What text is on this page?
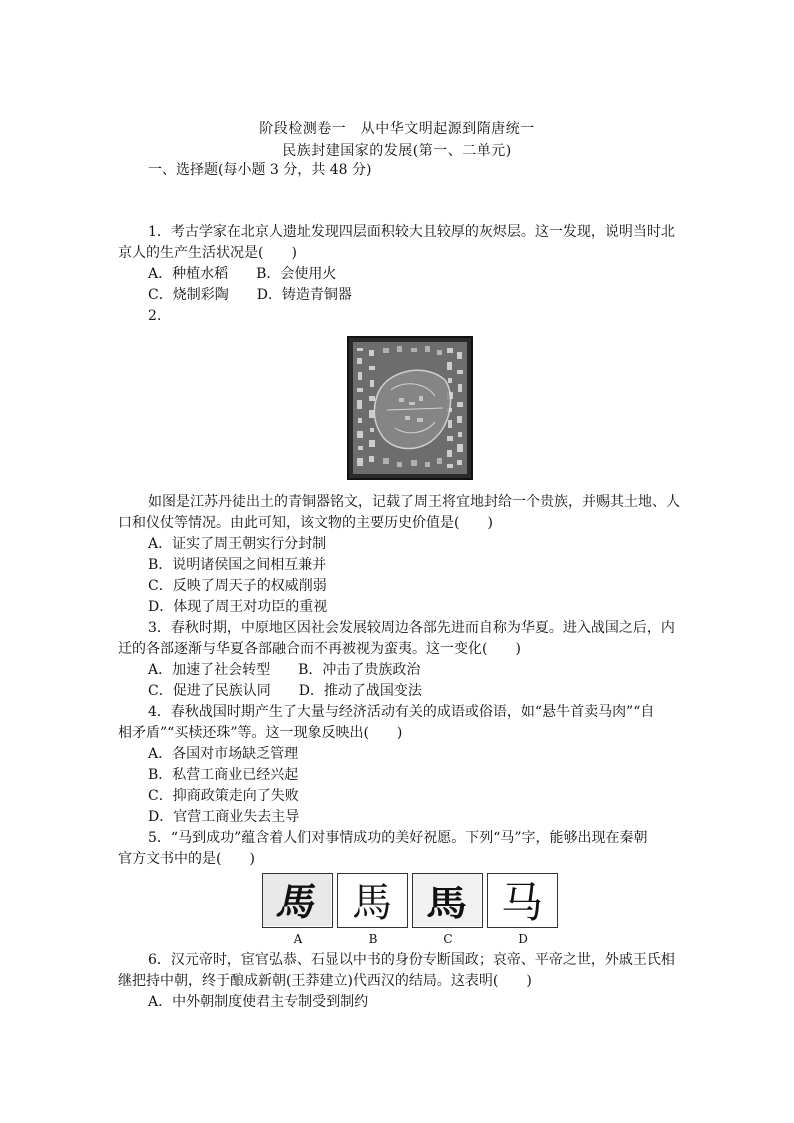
阶段检测卷一　从中华文明起源到隋唐统一
民族封建国家的发展(第一、二单元)
一、选择题(每小题 3 分，共 48 分)
1．考古学家在北京人遗址发现四层面积较大且较厚的灰烬层。这一发现，说明当时北
京人的生产生活状况是(　　)
A．种植水稻　　B．会使用火
C．烧制彩陶　　D．铸造青铜器
2.
如图是江苏丹徒出土的青铜器铭文，记载了周王将宜地封给一个贵族，并赐其土地、人
口和仪仗等情况。由此可知，该文物的主要历史价值是(　　)
A．证实了周王朝实行分封制
B．说明诸侯国之间相互兼并
C．反映了周天子的权威削弱
D．体现了周王对功臣的重视
3．春秋时期，中原地区因社会发展较周边各部先进而自称为华夏。进入战国之后，内
迁的各部逐渐与华夏各部融合而不再被视为蛮夷。这一变化(　　)
A．加速了社会转型　　B．冲击了贵族政治
C．促进了民族认同　　D．推动了战国变法
4．春秋战国时期产生了大量与经济活动有关的成语或俗语，如“悬牛首卖马肉”“自
相矛盾”“买椟还珠”等。这一现象反映出(　　)
A．各国对市场缺乏管理
B．私营工商业已经兴起
C．抑商政策走向了失败
D．官营工商业失去主导
5．“马到成功”蕴含着人们对事情成功的美好祝愿。下列“马”字，能够出现在秦朝
官方文书中的是(　　)
馬 馬 馬 马
A	B	C	D
6．汉元帝时，宦官弘恭、石显以中书的身份专断国政；哀帝、平帝之世，外戚王氏相
继把持中朝，终于酿成新朝(王莽建立)代西汉的结局。这表明(　　)
A．中外朝制度使君主专制受到制约
